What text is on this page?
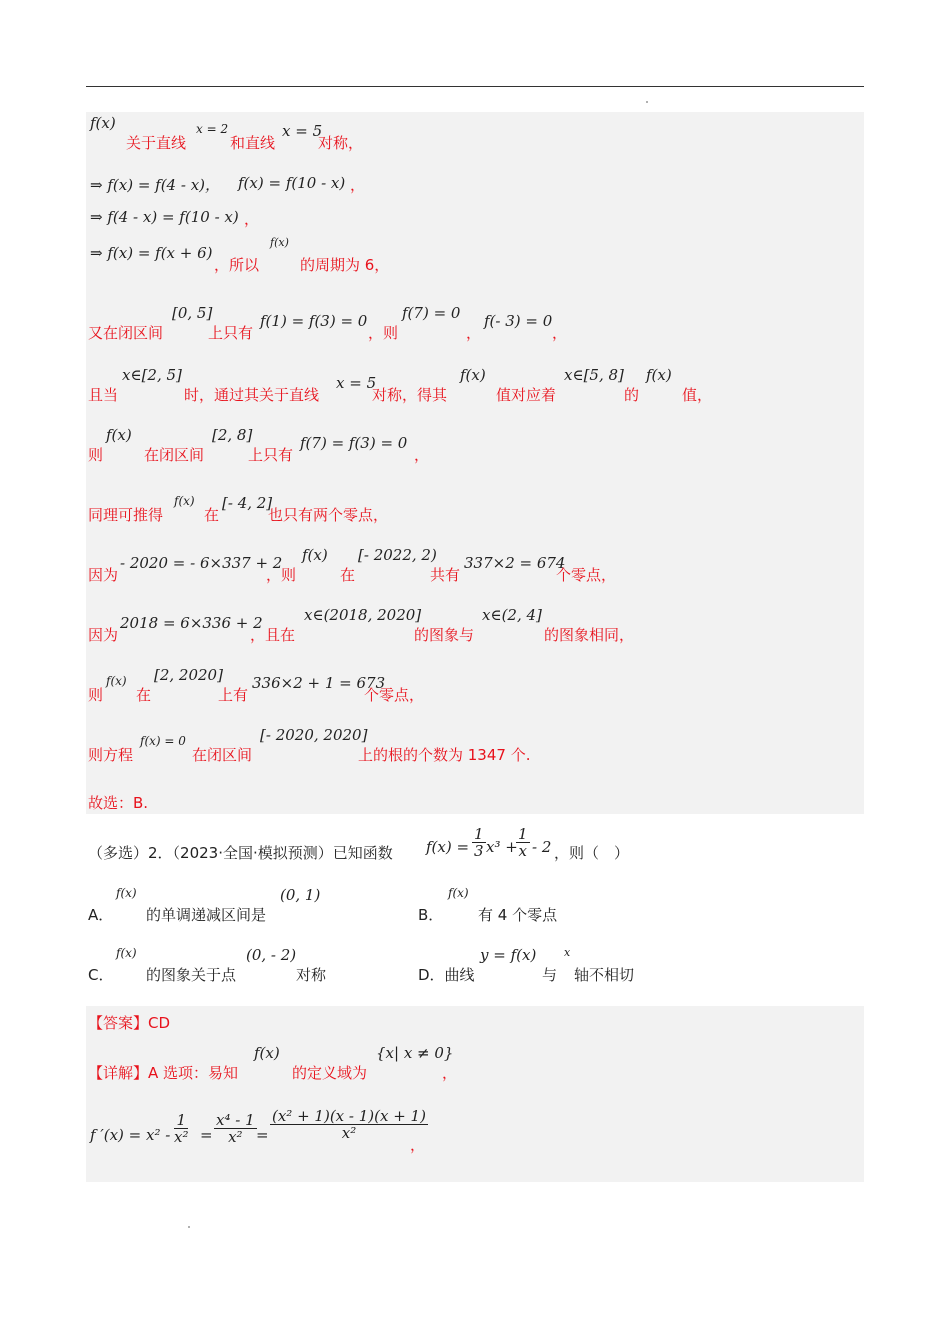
f(x)
关于直线
x = 2
和直线
x = 5
对称，
⇒ f(x) = f(4 - x)， f(x) = f(10 - x) ，
⇒ f(4 - x) = f(10 - x) ，
⇒ f(x) = f(x + 6)
，所以
f(x)
的周期为 6，
又在闭区间
[0, 5]
上只有
f(1) = f(3) = 0
，则
f(7) = 0
，
f(- 3) = 0
，
且当
x∈[2, 5]
时，通过其关于直线
x = 5
对称，得其
f(x)
值对应着
x∈[5, 8]
的
f(x)
值，
则
f(x)
在闭区间
[2, 8]
上只有
f(7) = f(3) = 0
，
同理可推得
f(x)
在
[- 4, 2]
也只有两个零点，
因为
- 2020 = - 6×337 + 2
，则
f(x)
在
[- 2022, 2)
共有
337×2 = 674
个零点，
因为
2018 = 6×336 + 2
，且在
x∈(2018, 2020]
的图象与
x∈(2, 4]
的图象相同，
则
f(x)
在
[2, 2020]
上有
336×2 + 1 = 673
个零点，
则方程
f(x) = 0
在闭区间
[- 2020, 2020]
上的根的个数为 1347 个.
故选：B.
（多选）2．（2023·全国·模拟预测）已知函数 $f(x) = \frac{1}{3} x^3$ +
$\frac{1}{x} - 2$ ，则（　）
A．
f(x)
的单调递减区间是
(0, 1)
B．
f(x)
有 4 个零点
C．
f(x)
的图象关于点
(0, - 2)
对称	D．曲线
y = f(x)
与
x
轴不相切
【答案】CD
【详解】A 选项：易知
f(x)
的定义域为
{x| x ≠ 0}
，
f $'(x) = x^2 - \frac{1}{\text{x²}} = \frac{\text{x⁴ - 1}}{\text{x²}} = \frac{\text{(x² + 1)(x - 1)(x + 1)}}{\text{x²}}$
，
